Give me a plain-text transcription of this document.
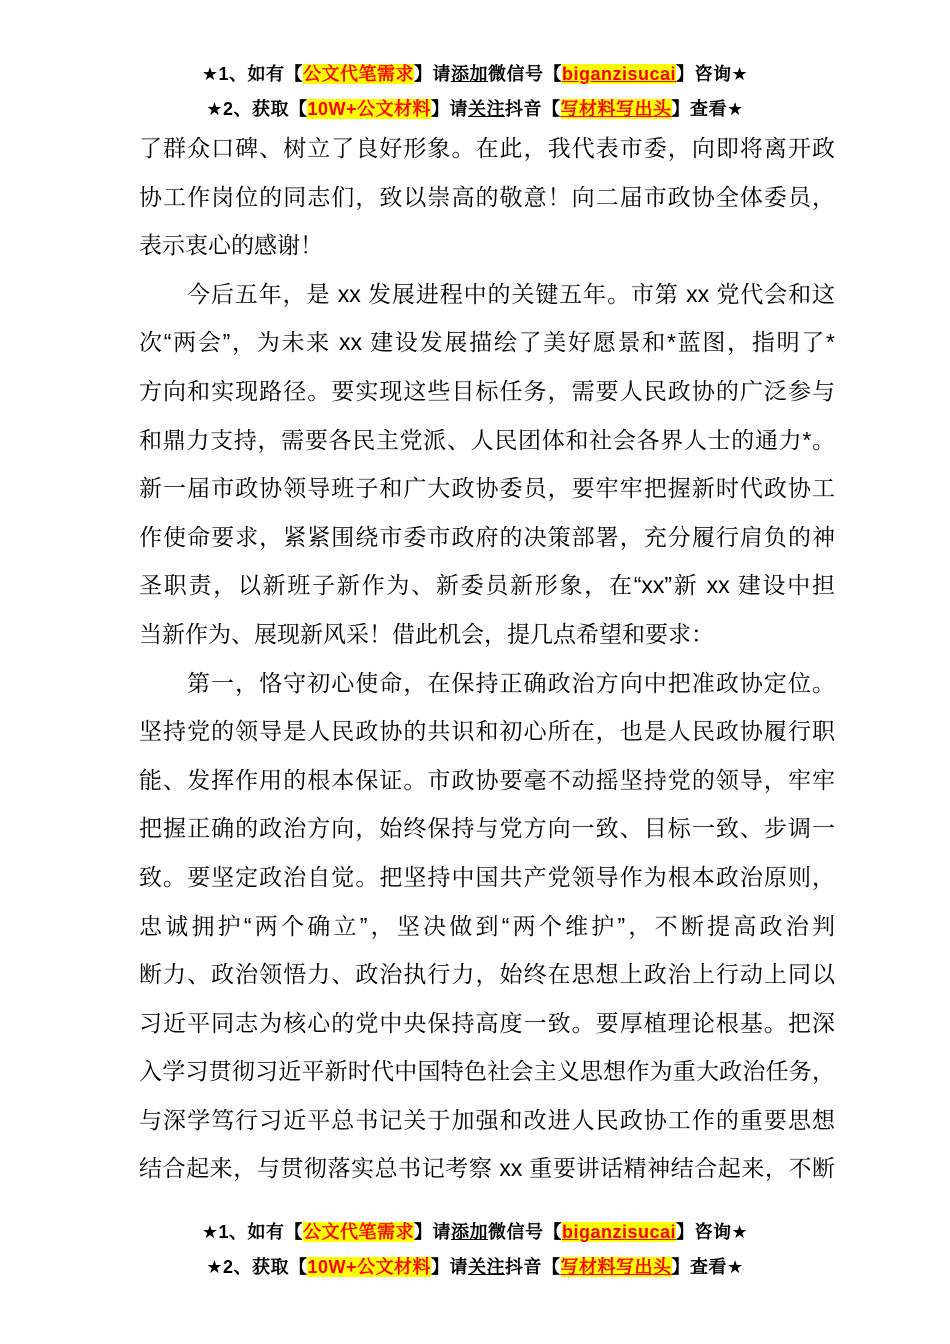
★1、如有【公文代笔需求】请添加微信号【biganzisucai】咨询★
★2、获取【10W+公文材料】请关注抖音【写材料写出头】查看★
了群众口碑、树立了良好形象。在此，我代表市委，向即将离开政
协工作岗位的同志们，致以崇高的敬意！向二届市政协全体委员，
表示衷心的感谢！
今后五年，是 xx 发展进程中的关键五年。市第 xx 党代会和这
次“两会”，为未来 xx 建设发展描绘了美好愿景和*蓝图，指明了*
方向和实现路径。要实现这些目标任务，需要人民政协的广泛参与
和鼎力支持，需要各民主党派、人民团体和社会各界人士的通力*。
新一届市政协领导班子和广大政协委员，要牢牢把握新时代政协工
作使命要求，紧紧围绕市委市政府的决策部署，充分履行肩负的神
圣职责，以新班子新作为、新委员新形象，在“xx”新 xx 建设中担
当新作为、展现新风采！借此机会，提几点希望和要求：
第一，恪守初心使命，在保持正确政治方向中把准政协定位。
坚持党的领导是人民政协的共识和初心所在，也是人民政协履行职
能、发挥作用的根本保证。市政协要毫不动摇坚持党的领导，牢牢
把握正确的政治方向，始终保持与党方向一致、目标一致、步调一
致。要坚定政治自觉。把坚持中国共产党领导作为根本政治原则，
忠诚拥护“两个确立”，坚决做到“两个维护”，不断提高政治判
断力、政治领悟力、政治执行力，始终在思想上政治上行动上同以
习近平同志为核心的党中央保持高度一致。要厚植理论根基。把深
入学习贯彻习近平新时代中国特色社会主义思想作为重大政治任务，
与深学笃行习近平总书记关于加强和改进人民政协工作的重要思想
结合起来，与贯彻落实总书记考察 xx 重要讲话精神结合起来，不断
★1、如有【公文代笔需求】请添加微信号【biganzisucai】咨询★
★2、获取【10W+公文材料】请关注抖音【写材料写出头】查看★
